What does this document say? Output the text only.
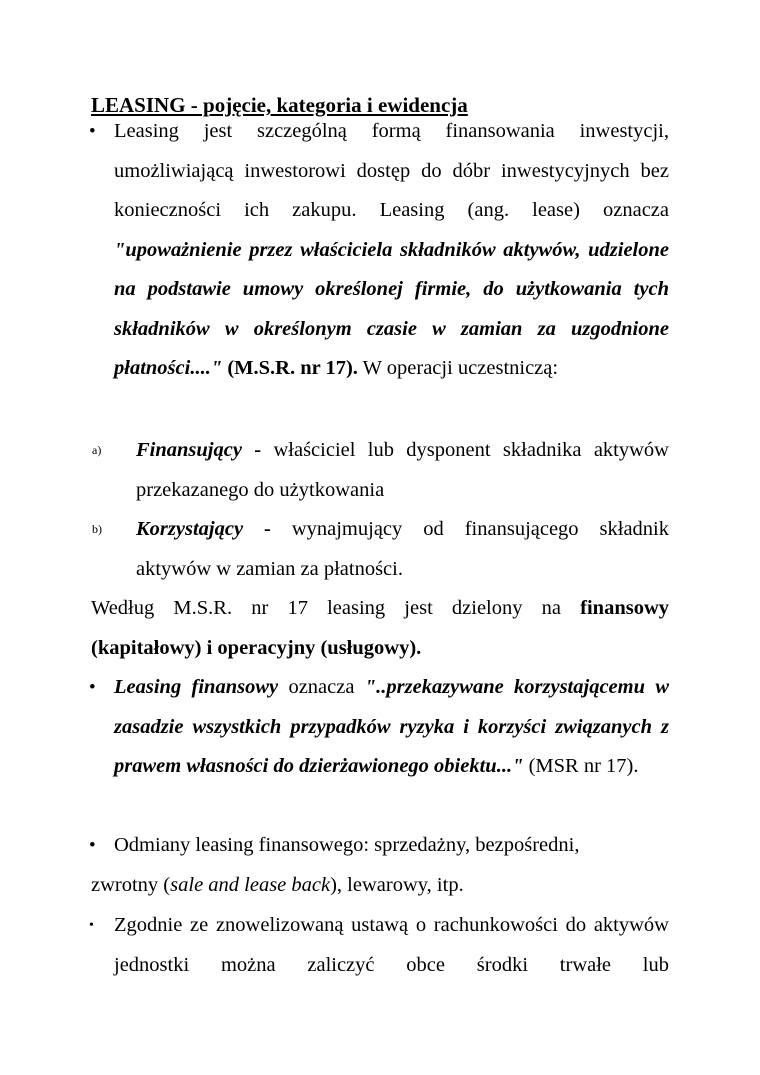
LEASING - pojęcie, kategoria i ewidencja
• Leasing jest szczególną formą finansowania inwestycji, umożliwiającą inwestorowi dostęp do dóbr inwestycyjnych bez konieczności ich zakupu. Leasing (ang. lease) oznacza "upoważnienie przez właściciela składników aktywów, udzielone na podstawie umowy określonej firmie, do użytkowania tych składników w określonym czasie w zamian za uzgodnione płatności...." (M.S.R. nr 17). W operacji uczestniczą:

a) Finansujący - właściciel lub dysponent składnika aktywów przekazanego do użytkowania

b) Korzystający - wynajmujący od finansującego składnik aktywów w zamian za płatności.

Według M.S.R. nr 17 leasing jest dzielony na finansowy (kapitałowy) i operacyjny (usługowy).

• Leasing finansowy oznacza "..przekazywane korzystającemu w zasadzie wszystkich przypadków ryzyka i korzyści związanych z prawem własności do dzierżawionego obiektu..." (MSR nr 17).

• Odmiany leasing finansowego: sprzedażny, bezpośredni,

zwrotny (sale and lease back), lewarowy, itp.

• Zgodnie ze znowelizowaną ustawą o rachunkowości do aktywów jednostki można zaliczyć obce środki trwałe lub
